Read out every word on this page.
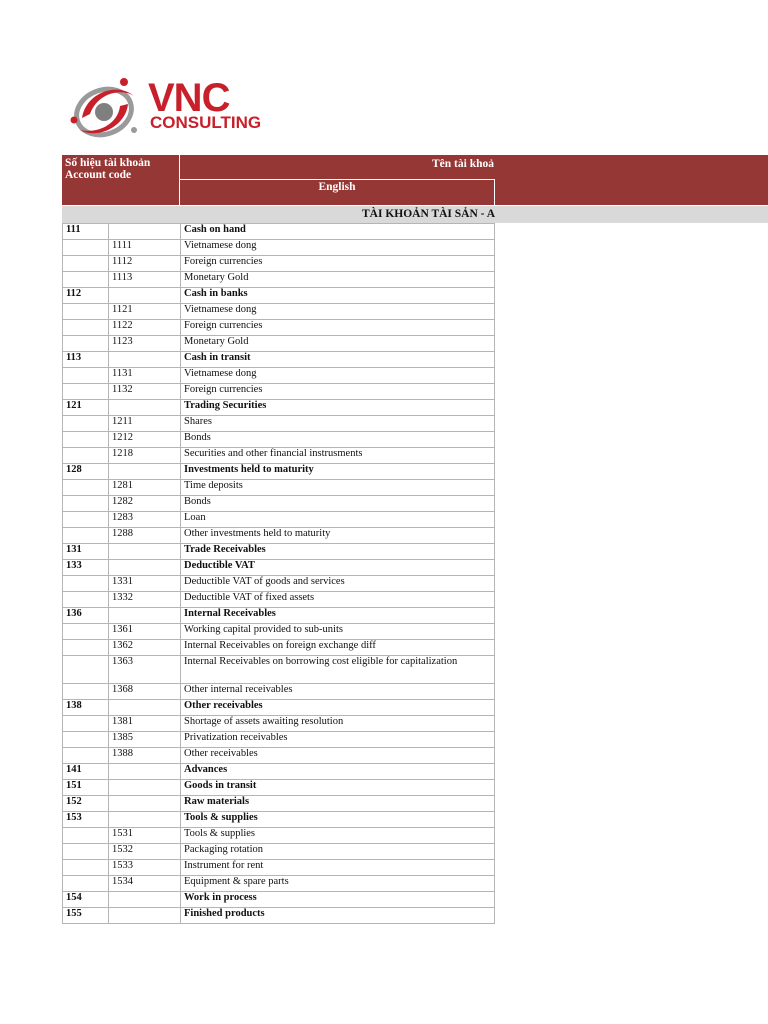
VNC
CONSULTING
Số hiệu tài khoản
Account code
Tên tài khoả
English
TÀI KHOẢN TÀI SẢN - A
111		Cash on hand
	1111	Vietnamese dong
	1112	Foreign currencies
	1113	Monetary Gold
112		Cash in banks
	1121	Vietnamese dong
	1122	Foreign currencies
	1123	Monetary Gold
113		Cash in transit
	1131	Vietnamese dong
	1132	Foreign currencies
121		Trading Securities
	1211	Shares
	1212	Bonds
	1218	Securities and other financial instrusments
128		Investments held to maturity
	1281	Time deposits
	1282	Bonds
	1283	Loan
	1288	Other investments held to maturity
131		Trade Receivables
133		Deductible VAT
	1331	Deductible VAT of goods and services
	1332	Deductible VAT of fixed assets
136		Internal Receivables
	1361	Working capital provided to sub-units
	1362	Internal Receivables on foreign exchange diff
	1363	Internal Receivables on borrowing cost eligible for capitalization
	1368	Other internal receivables
138		Other receivables
	1381	Shortage of assets awaiting resolution
	1385	Privatization receivables
	1388	Other receivables
141		Advances
151		Goods in transit
152		Raw materials
153		Tools & supplies
	1531	Tools & supplies
	1532	Packaging rotation
	1533	Instrument for rent
	1534	Equipment & spare parts
154		Work in process
155		Finished products
